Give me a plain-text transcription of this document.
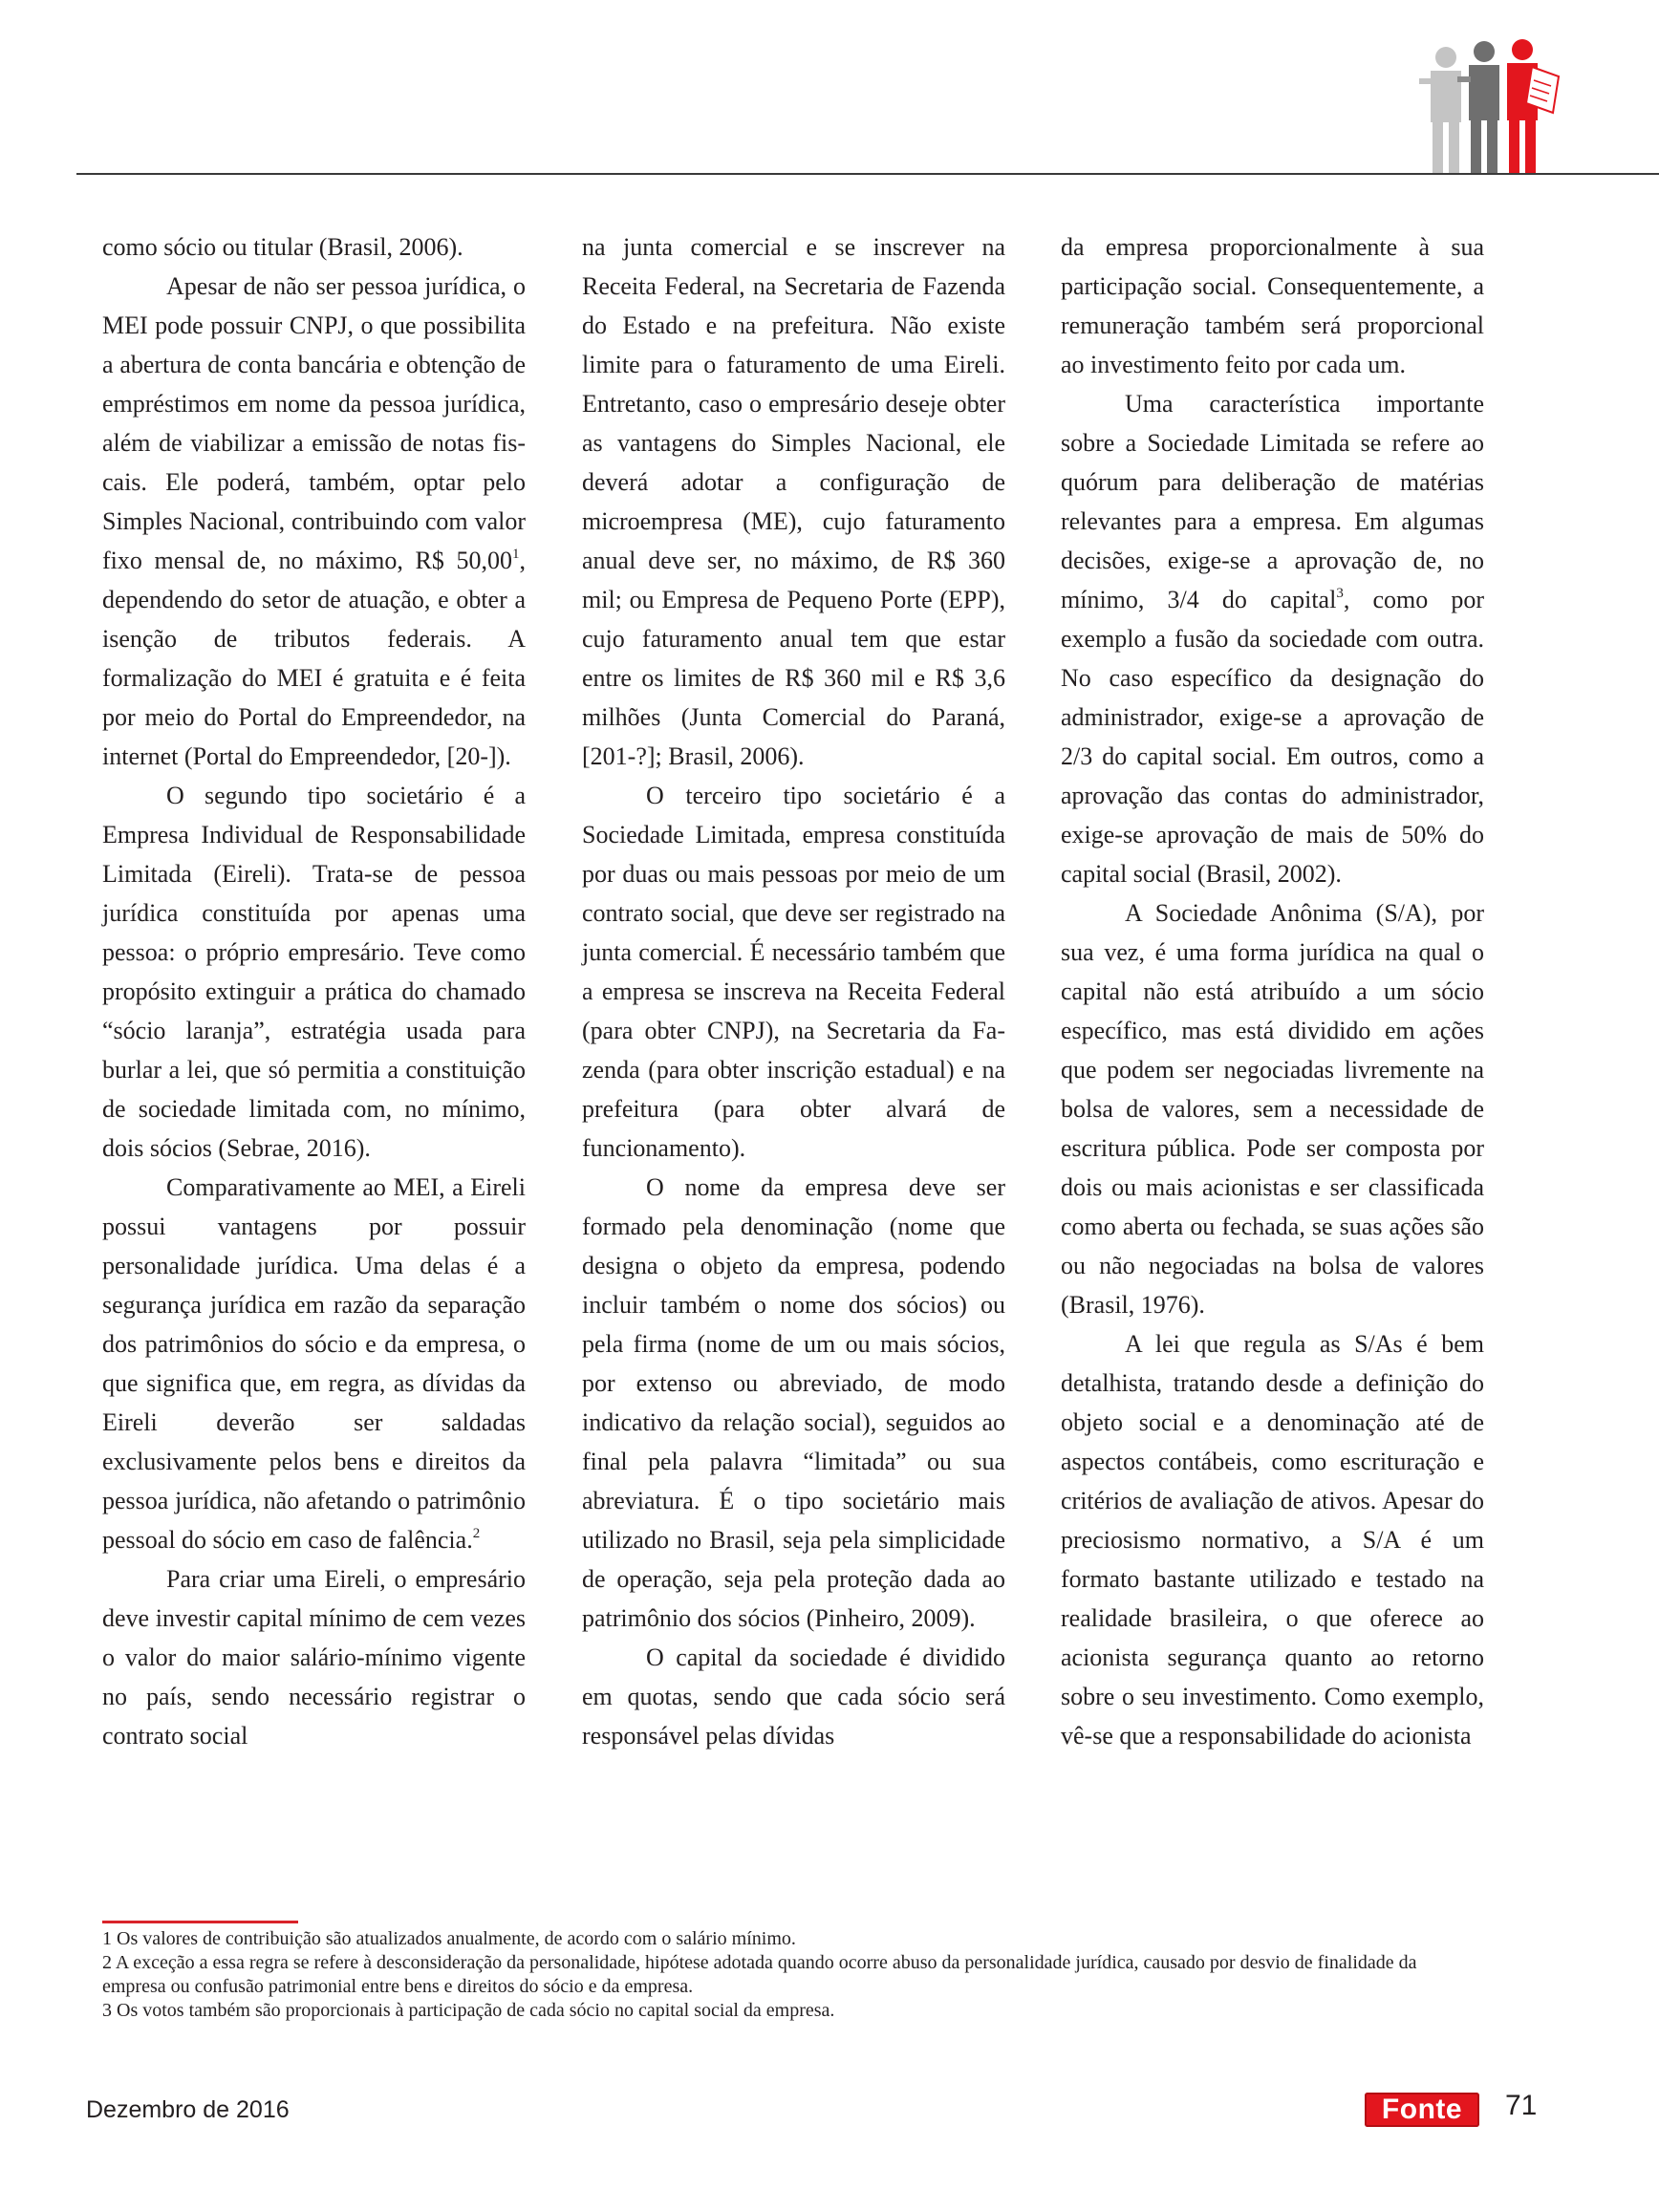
como sócio ou titular (Brasil, 2006).

Apesar de não ser pessoa jurídica, o MEI pode possuir CNPJ, o que possibilita a abertura de conta bancária e obtenção de empréstimos em nome da pessoa jurídica, além de viabilizar a emissão de notas fiscais. Ele poderá, também, optar pelo Simples Nacional, contribuindo com valor fixo mensal de, no máximo, R$ 50,00$^1$, dependendo do setor de atuação, e obter a isenção de tributos federais. A formalização do MEI é gratuita e é feita por meio do Portal do Empreendedor, na internet (Portal do Empreendedor, [20-]).

O segundo tipo societário é a Empresa Individual de Responsabilidade Limitada (Eireli). Trata-se de pessoa jurídica constituída por apenas uma pessoa: o próprio empresário. Teve como propósito extinguir a prática do chamado “sócio laranja”, estratégia usada para burlar a lei, que só permitia a constituição de sociedade limitada com, no mínimo, dois sócios (Sebrae, 2016).

Comparativamente ao MEI, a Eireli possui vantagens por possuir personalidade jurídica. Uma delas é a segurança jurídica em razão da separação dos patrimônios do sócio e da empresa, o que significa que, em regra, as dívidas da Eireli deverão ser saldadas exclusivamente pelos bens e direitos da pessoa jurídica, não afetando o patrimônio pessoal do sócio em caso de falência.$^2$

Para criar uma Eireli, o empresário deve investir capital mínimo de cem vezes o valor do maior salário-mínimo vigente no país, sendo necessário registrar o contrato social

na junta comercial e se inscrever na Receita Federal, na Secretaria de Fazenda do Estado e na prefeitura. Não existe limite para o faturamento de uma Eireli. Entretanto, caso o empresário deseje obter as vantagens do Simples Nacional, ele deverá adotar a configuração de microempresa (ME), cujo faturamento anual deve ser, no máximo, de R$ 360 mil; ou Empresa de Pequeno Porte (EPP), cujo faturamento anual tem que estar entre os limites de R$ 360 mil e R$ 3,6 milhões (Junta Comercial do Paraná, [201-?]; Brasil, 2006).

O terceiro tipo societário é a Sociedade Limitada, empresa constituída por duas ou mais pessoas por meio de um contrato social, que deve ser registrado na junta comercial. É necessário também que a empresa se inscreva na Receita Federal (para obter CNPJ), na Secretaria da Fazenda (para obter inscrição estadual) e na prefeitura (para obter alvará de funcionamento).

O nome da empresa deve ser formado pela denominação (nome que designa o objeto da empresa, podendo incluir também o nome dos sócios) ou pela firma (nome de um ou mais sócios, por extenso ou abreviado, de modo indicativo da relação social), seguidos ao final pela palavra “limitada” ou sua abreviatura. É o tipo societário mais utilizado no Brasil, seja pela simplicidade de operação, seja pela proteção dada ao patrimônio dos sócios (Pinheiro, 2009).

O capital da sociedade é dividido em quotas, sendo que cada sócio será responsável pelas dívidas

da empresa proporcionalmente à sua participação social. Consequentemente, a remuneração também será proporcional ao investimento feito por cada um.

Uma característica importante sobre a Sociedade Limitada se refere ao quórum para deliberação de matérias relevantes para a empresa. Em algumas decisões, exige-se a aprovação de, no mínimo, 3/4 do capital$^3$, como por exemplo a fusão da sociedade com outra. No caso específico da designação do administrador, exige-se a aprovação de 2/3 do capital social. Em outros, como a aprovação das contas do administrador, exige-se aprovação de mais de 50% do capital social (Brasil, 2002).

A Sociedade Anônima (S/A), por sua vez, é uma forma jurídica na qual o capital não está atribuído a um sócio específico, mas está dividido em ações que podem ser negociadas livremente na bolsa de valores, sem a necessidade de escritura pública. Pode ser composta por dois ou mais acionistas e ser classificada como aberta ou fechada, se suas ações são ou não negociadas na bolsa de valores (Brasil, 1976).

A lei que regula as S/As é bem detalhista, tratando desde a definição do objeto social e a denominação até de aspectos contábeis, como escrituração e critérios de avaliação de ativos. Apesar do preciosismo normativo, a S/A é um formato bastante utilizado e testado na realidade brasileira, o que oferece ao acionista segurança quanto ao retorno sobre o seu investimento. Como exemplo, vê-se que a responsabilidade do acionista

1 Os valores de contribuição são atualizados anualmente, de acordo com o salário mínimo.

2 A exceção a essa regra se refere à desconsideração da personalidade, hipótese adotada quando ocorre abuso da personalidade jurídica, causado por desvio de finalidade da empresa ou confusão patrimonial entre bens e direitos do sócio e da empresa.

3 Os votos também são proporcionais à participação de cada sócio no capital social da empresa.

Dezembro de 2016	Fonte	71
